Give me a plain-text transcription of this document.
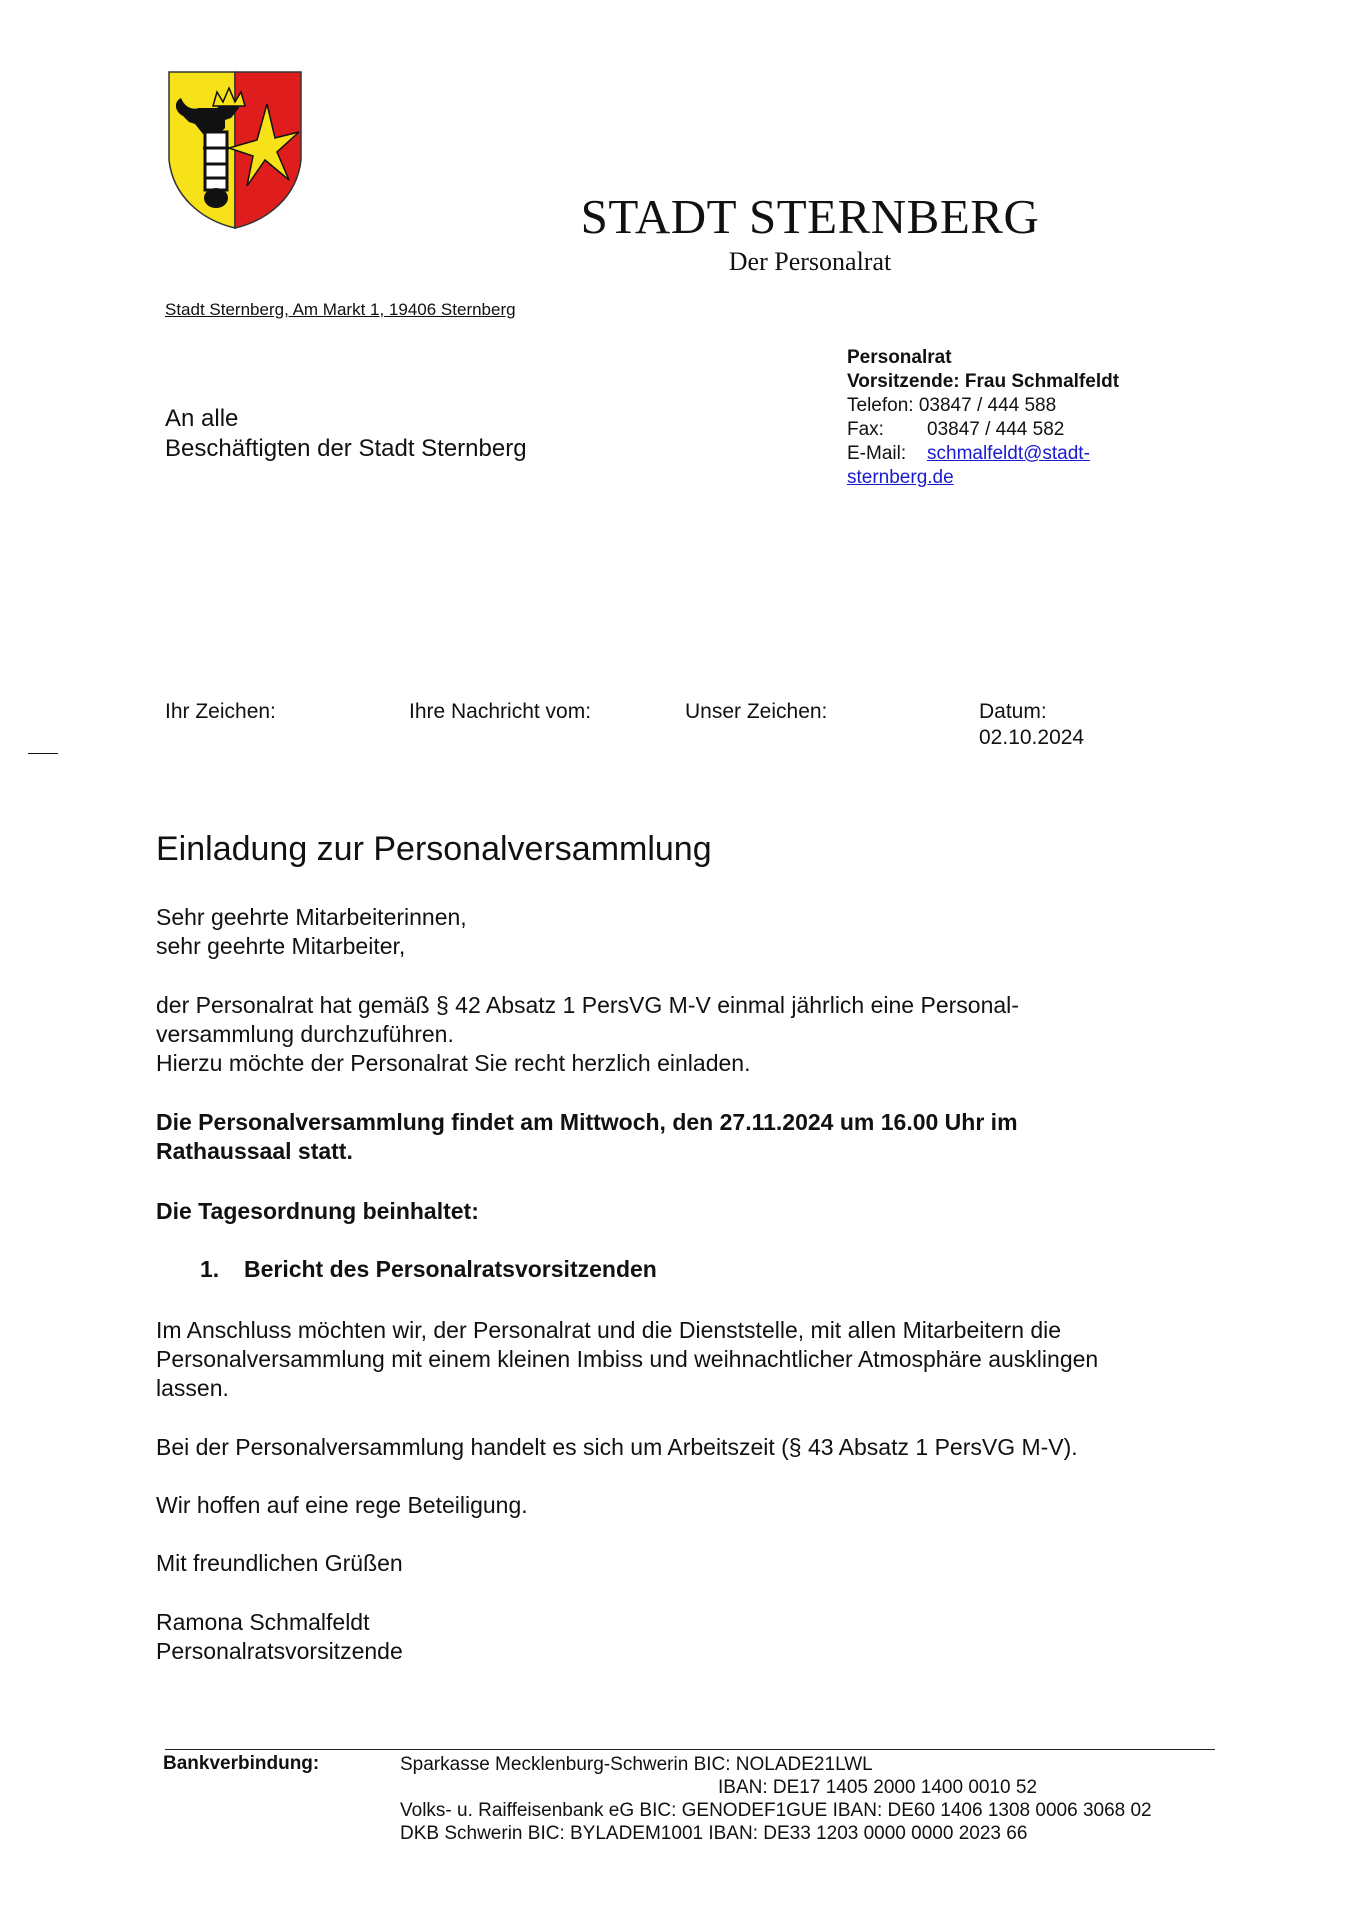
STADT STERNBERG
Der Personalrat
Stadt Sternberg, Am Markt 1, 19406 Sternberg
An alle
Beschäftigten der Stadt Sternberg
Personalrat
Vorsitzende: Frau Schmalfeldt
Telefon: 03847 / 444 588
Fax: 03847 / 444 582
E-Mail: schmalfeldt@stadt-
sternberg.de
Ihr Zeichen:	Ihre Nachricht vom:	Unser Zeichen:	Datum:
02.10.2024
Einladung zur Personalversammlung
Sehr geehrte Mitarbeiterinnen,
sehr geehrte Mitarbeiter,
der Personalrat hat gemäß § 42 Absatz 1 PersVG M-V einmal jährlich eine Personal-
versammlung durchzuführen.
Hierzu möchte der Personalrat Sie recht herzlich einladen.
Die Personalversammlung findet am Mittwoch, den 27.11.2024 um 16.00 Uhr im
Rathaussaal statt.
Die Tagesordnung beinhaltet:
1. Bericht des Personalratsvorsitzenden
Im Anschluss möchten wir, der Personalrat und die Dienststelle, mit allen Mitarbeitern die
Personalversammlung mit einem kleinen Imbiss und weihnachtlicher Atmosphäre ausklingen
lassen.
Bei der Personalversammlung handelt es sich um Arbeitszeit (§ 43 Absatz 1 PersVG M-V).
Wir hoffen auf eine rege Beteiligung.
Mit freundlichen Grüßen
Ramona Schmalfeldt
Personalratsvorsitzende
Bankverbindung:	Sparkasse Mecklenburg-Schwerin BIC: NOLADE21LWL
IBAN: DE17 1405 2000 1400 0010 52
Volks- u. Raiffeisenbank eG BIC: GENODEF1GUE IBAN: DE60 1406 1308 0006 3068 02
DKB Schwerin BIC: BYLADEM1001 IBAN: DE33 1203 0000 0000 2023 66
